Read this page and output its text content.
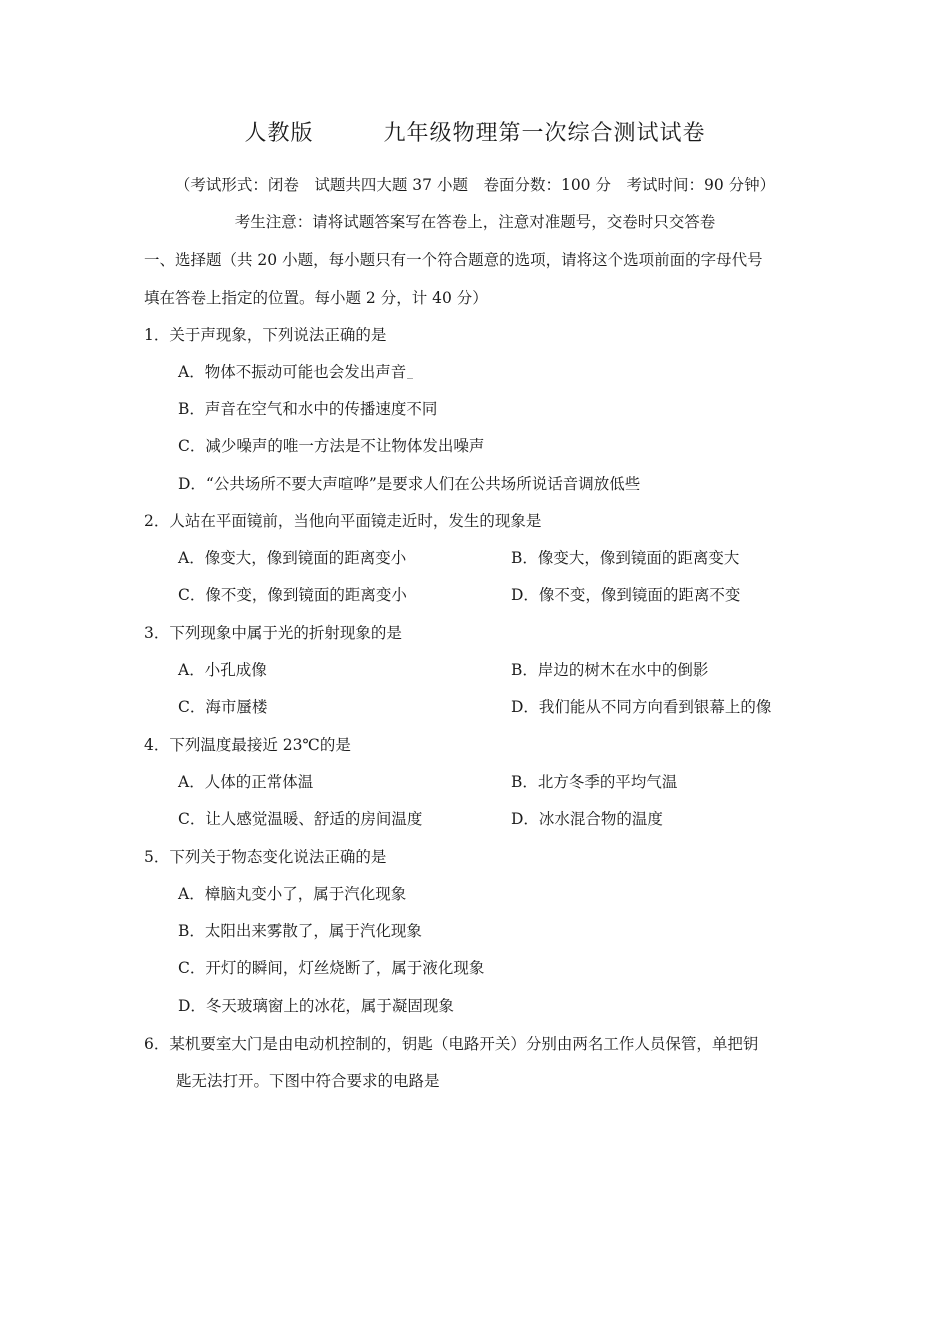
人教版	九年级物理第一次综合测试试卷
（考试形式：闭卷　试题共四大题 37 小题　卷面分数：100 分　考试时间：90 分钟）
考生注意：请将试题答案写在答卷上，注意对准题号，交卷时只交答卷
一、选择题（共 20 小题，每小题只有一个符合题意的选项，请将这个选项前面的字母代号
填在答卷上指定的位置。每小题 2 分，计 40 分）
1．关于声现象，下列说法正确的是
A．物体不振动可能也会发出声音
B．声音在空气和水中的传播速度不同
C．减少噪声的唯一方法是不让物体发出噪声
D．“公共场所不要大声喧哗”是要求人们在公共场所说话音调放低些
2．人站在平面镜前，当他向平面镜走近时，发生的现象是
A．像变大，像到镜面的距离变小	B．像变大，像到镜面的距离变大
C．像不变，像到镜面的距离变小	D．像不变，像到镜面的距离不变
3．下列现象中属于光的折射现象的是
A．小孔成像	B．岸边的树木在水中的倒影
C．海市蜃楼	D．我们能从不同方向看到银幕上的像
4．下列温度最接近 23℃的是
A．人体的正常体温	B．北方冬季的平均气温
C．让人感觉温暖、舒适的房间温度	D．冰水混合物的温度
5．下列关于物态变化说法正确的是
A．樟脑丸变小了，属于汽化现象
B．太阳出来雾散了，属于汽化现象
C．开灯的瞬间，灯丝烧断了，属于液化现象
D．冬天玻璃窗上的冰花，属于凝固现象
6．某机要室大门是由电动机控制的，钥匙（电路开关）分别由两名工作人员保管，单把钥
匙无法打开。下图中符合要求的电路是
